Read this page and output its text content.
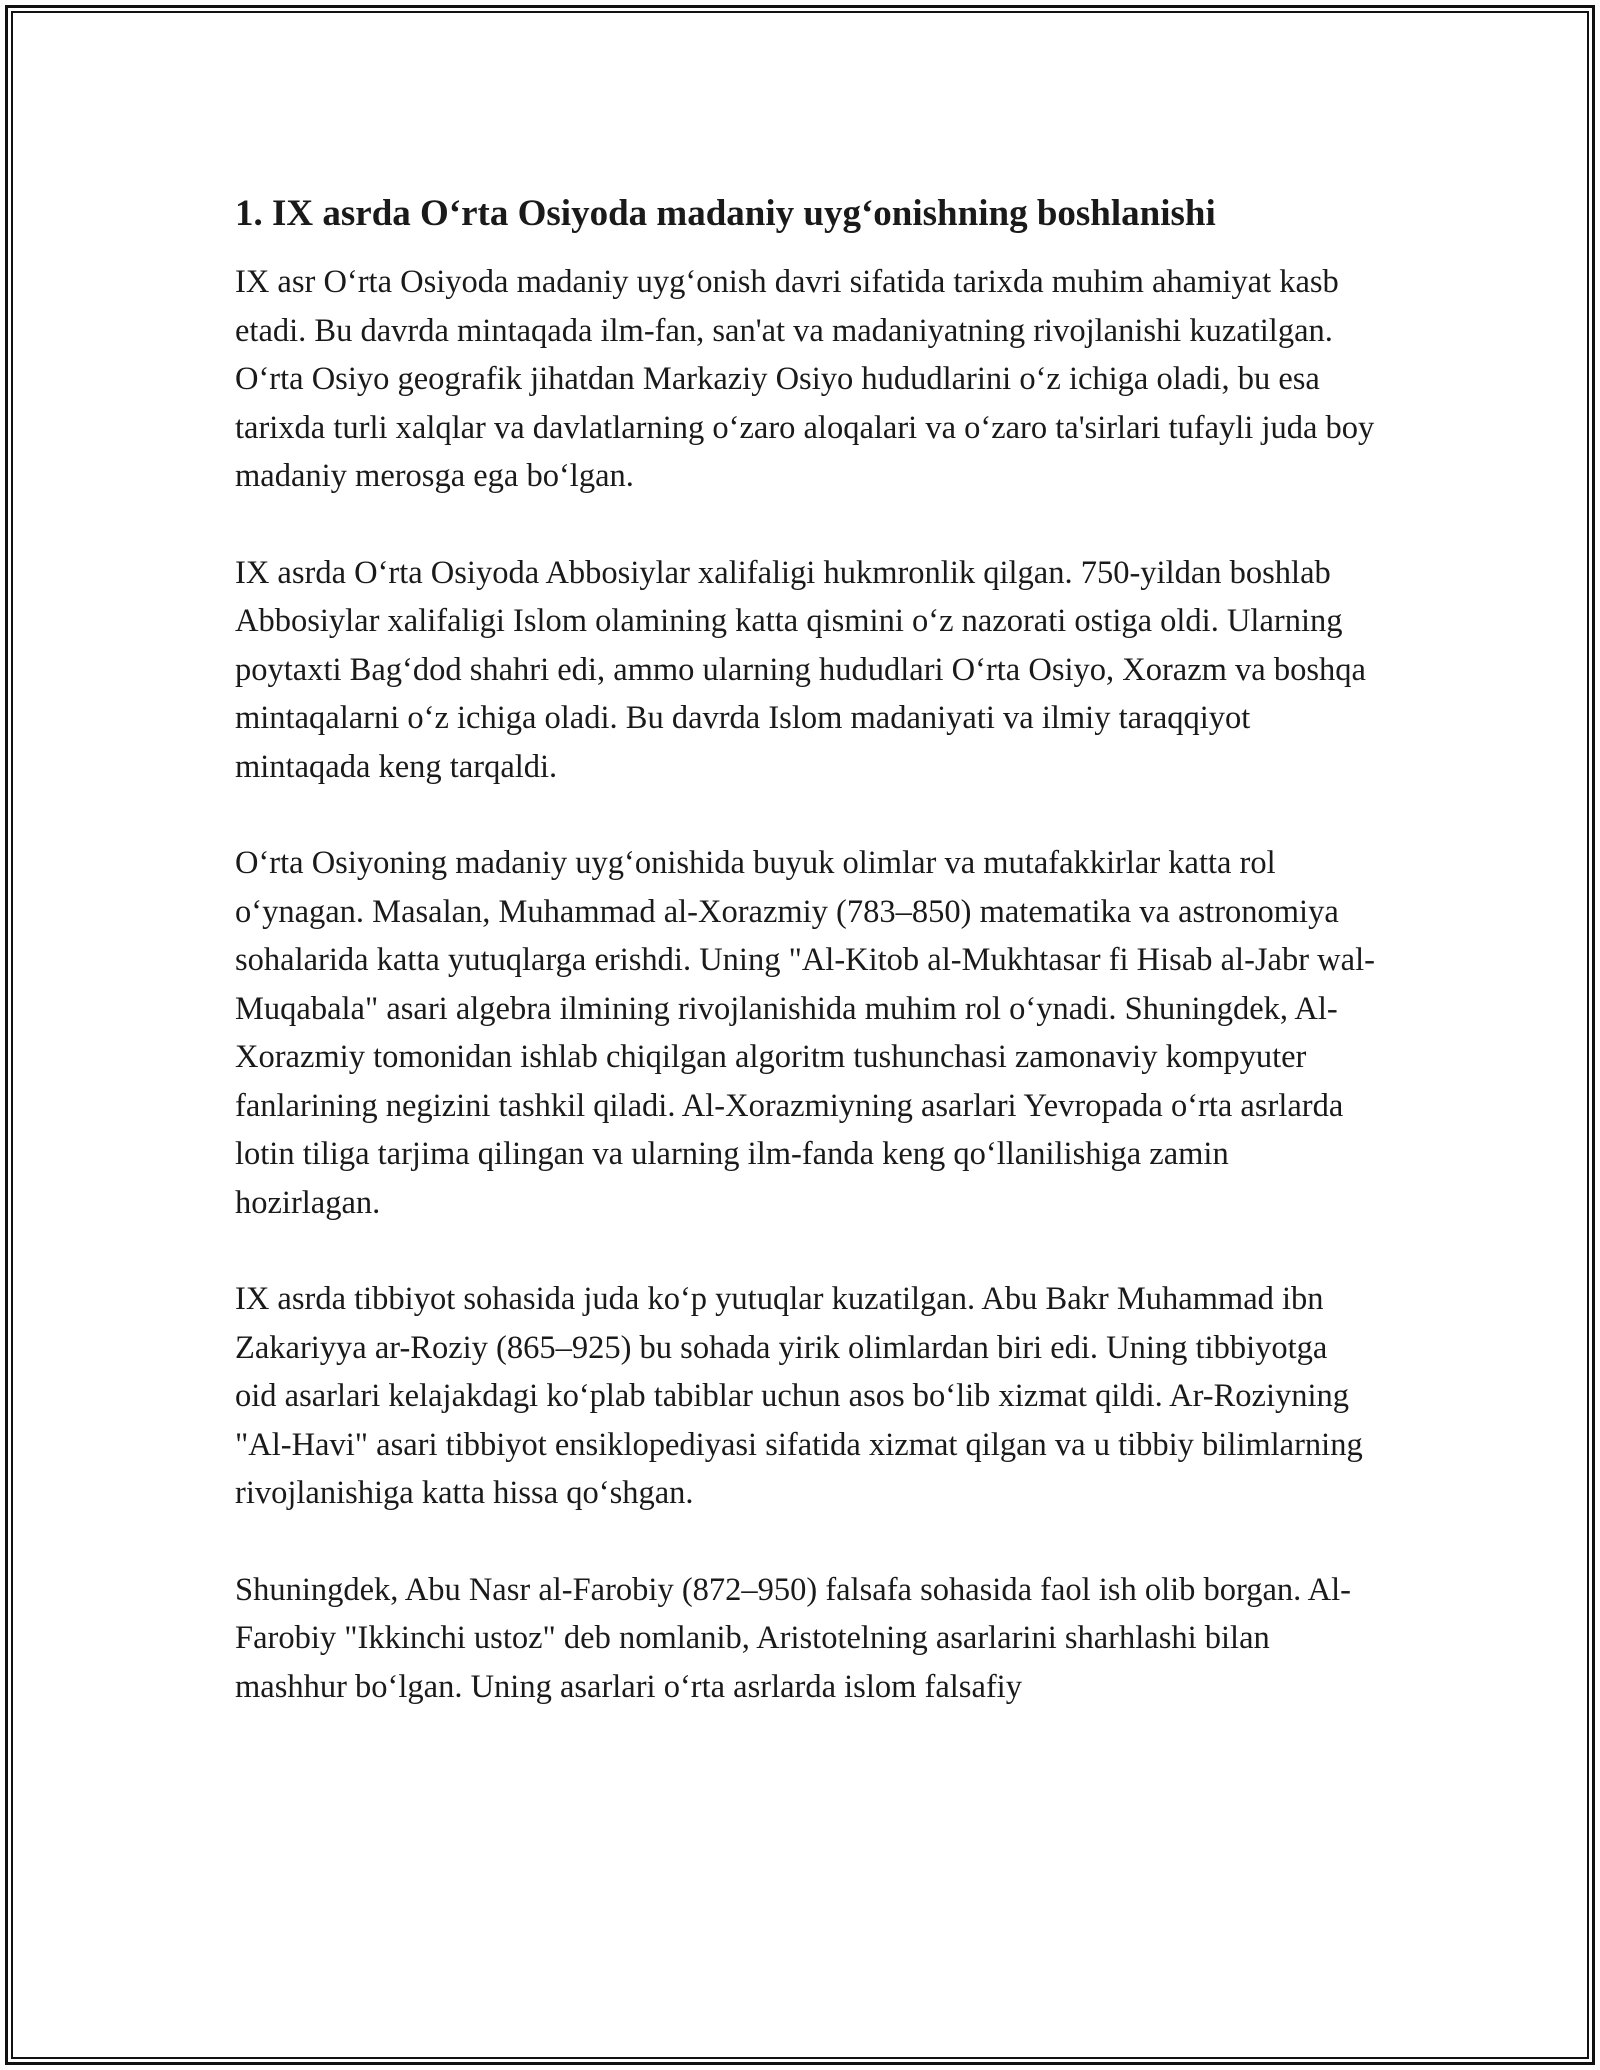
1. IX asrda O‘rta Osiyoda madaniy uyg‘onishning boshlanishi

IX asr O‘rta Osiyoda madaniy uyg‘onish davri sifatida tarixda muhim ahamiyat kasb etadi. Bu davrda mintaqada ilm-fan, san'at va madaniyatning rivojlanishi kuzatilgan. O‘rta Osiyo geografik jihatdan Markaziy Osiyo hududlarini o‘z ichiga oladi, bu esa tarixda turli xalqlar va davlatlarning o‘zaro aloqalari va o‘zaro ta'sirlari tufayli juda boy madaniy merosga ega bo‘lgan.

IX asrda O‘rta Osiyoda Abbosiylar xalifaligi hukmronlik qilgan. 750-yildan boshlab Abbosiylar xalifaligi Islom olamining katta qismini o‘z nazorati ostiga oldi. Ularning poytaxti Bag‘dod shahri edi, ammo ularning hududlari O‘rta Osiyo, Xorazm va boshqa mintaqalarni o‘z ichiga oladi. Bu davrda Islom madaniyati va ilmiy taraqqiyot mintaqada keng tarqaldi.

O‘rta Osiyoning madaniy uyg‘onishida buyuk olimlar va mutafakkirlar katta rol o‘ynagan. Masalan, Muhammad al-Xorazmiy (783–850) matematika va astronomiya sohalarida katta yutuqlarga erishdi. Uning "Al-Kitob al-Mukhtasar fi Hisab al-Jabr wal-Muqabala" asari algebra ilmining rivojlanishida muhim rol o‘ynadi. Shuningdek, Al-Xorazmiy tomonidan ishlab chiqilgan algoritm tushunchasi zamonaviy kompyuter fanlarining negizini tashkil qiladi. Al-Xorazmiyning asarlari Yevropada o‘rta asrlarda lotin tiliga tarjima qilingan va ularning ilm-fanda keng qo‘llanilishiga zamin hozirlagan.

IX asrda tibbiyot sohasida juda ko‘p yutuqlar kuzatilgan. Abu Bakr Muhammad ibn Zakariyya ar-Roziy (865–925) bu sohada yirik olimlardan biri edi. Uning tibbiyotga oid asarlari kelajakdagi ko‘plab tabiblar uchun asos bo‘lib xizmat qildi. Ar-Roziyning "Al-Havi" asari tibbiyot ensiklopediyasi sifatida xizmat qilgan va u tibbiy bilimlarning rivojlanishiga katta hissa qo‘shgan.

Shuningdek, Abu Nasr al-Farobiy (872–950) falsafa sohasida faol ish olib borgan. Al-Farobiy "Ikkinchi ustoz" deb nomlanib, Aristotelning asarlarini sharhlashi bilan mashhur bo‘lgan. Uning asarlari o‘rta asrlarda islom falsafiy
